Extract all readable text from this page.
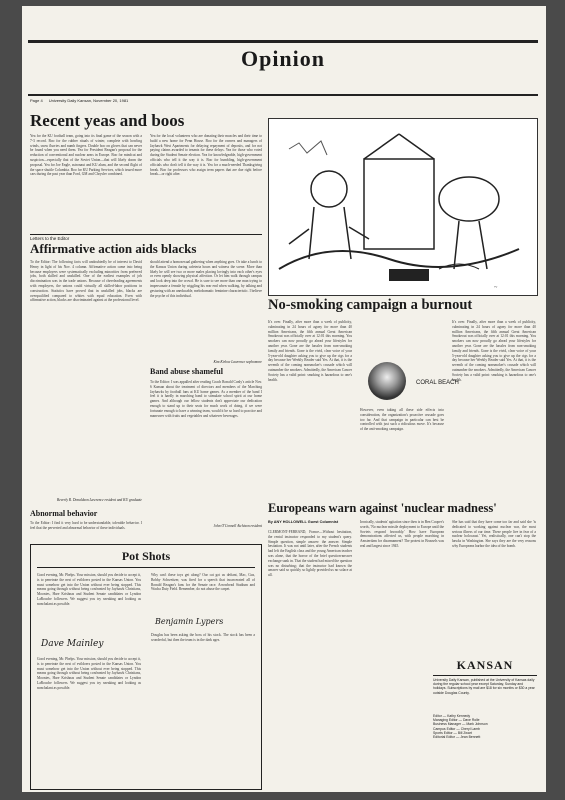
Opinion
Page 4 University Daily Kansan, November 20, 1981
Recent yeas and boos
Yea for the KU football team, going into its final game of the season with a 7-3 record. Boo for the rubber rituals of winter, complete with howling winds, snow flurries and numb fingers. Double boo on gloves that can never be found when you need them. Yea for President Reagan's proposal for the reduction of conventional and nuclear arms in Europe. Boo for mindcut and suspicion—especially that of the Soviet Union—that will likely doom the proposal. Yea for Joe Engle, astronaut and KU alum, and the second flight of the space shuttle Columbia. Boo for KU Parking Services, which issued more cars during the past year than Ford, GM and Chrysler combined.
Yea for the local volunteers who are donating their muscles and their time to build a new home for Penn House. Boo for the owners and managers of Jayhawk West Apartments for delaying repayment of deposits, and for not paying claims awarded to tenants for these delays. Yea for those who voted during the Student Senate election. Yea for knowledgeable, high-government officials who tell it the way it is. Boo for bumbling, high-government officials who don't tell it the way it is. Yea for a much-needed Thanksgiving break. Boo for professors who assign term papers that are due right before break—or right after.
~
Letters to the Editor
Affirmative action aids blacks
To the Editor: The following facts will undoubtedly be of interest to David Henry in light of his Nov. 4 column. Affirmative action came into being because employers were systematically excluding minorities from preferred jobs, both skilled and unskilled. One of the earliest examples of job discrimination was in the trade unions. Because of cheerleading agreements with employers, the unions could virtually all skilled-labor positions in construction. Statistics have proved that in unskilled jobs, blacks are overqualified compared to whites with equal education. Even with affirmative action, blacks are discriminated against at the professional level.
should attend a homosexual gathering when anything goes. Or take a lunch to the Kansas Union during cafeteria hours and witness the scene. More than likely he will see two or more males placing lovingly into each other's eyes or even openly showing physical affection. Or let him walk through campus and look deep into the crowd. He is sure to see more than one man trying to impersonate a female by wiggling his rear end when walking, by talking and gesturing with an uneducable, melodramatic feminine characteristic. I believe the psyche of this individual.
Kim Kirlow Lawrence sophomore
Beverly R. Donaldson Lawrence resident and KU graduate
Band abuse shameful
To the Editor: I was appalled after reading Coach Ronald Conly's article Nov. 6 Kansan about the treatment of directors and members of the Marching Jayhawks by football fans at KU home games. As a member of the band I feel it is hardly in marching band to stimulate school spirit at our home games. And although our fellow students don't appreciate our dedication enough to stand up to their seats for much work of doing, if we were fortunate enough to have a winning team, would it be so hard to practice and maneuver with fruits and vegetables and whatever beverages.
John O'Connell Atchison resident
Abnormal behavior
To the Editor: I find it very hard to be understandable, tolerable behavior. I feel that the perverted and abnormal behavior of these individuals.
No-smoking campaign a burnout
It's over. Finally, after more than a week of publicity, culminating in 24 hours of agony for more than 40 million Americans, the fifth annual Great American Smokeout was officially over at 12:01 this morning. You smokers can now proudly go ahead your lifestyles for another year. Gone are the hassles from non-smoking family and friends. Gone is the vivid, clear voice of your 5-year-old daughter asking you to give up the cigs for a day because her Weekly Reader said Yes. At that, it is the seventh of the coming nonsmoker's crusade which will outnumber the smokers. Admittedly, the American Cancer Society has a valid point: smoking is hazardous to one's health.
CORAL BEACH
However, even taking all these side effects into consideration, the organization's proactive crusade goes too far. And that campaign in particular can best be controlled with just such a ridiculous move. It's because of the anti-smoking campaign.
It's over. Finally, after more than a week of publicity, culminating in 24 hours of agony for more than 40 million Americans, the fifth annual Great American Smokeout was officially over at 12:01 this morning. You smokers can now proudly go ahead your lifestyles for another year. Gone are the hassles from non-smoking family and friends. Gone is the vivid, clear voice of your 5-year-old daughter asking you to give up the cigs for a day because her Weekly Reader said Yes. At that, it is the seventh of the coming nonsmoker's crusade which will outnumber the smokers. Admittedly, the American Cancer Society has a valid point: smoking is hazardous to one's health.
Europeans warn against 'nuclear madness'
By ANY HOLLOWELL Guest Columnist
CLERMONT-FERRAND, France—Without hesitation, the rental instructor responded to my student's query. Simple question, simple answer: the answer. Simple hesitation. It was not until later, after the French students had left the English class and the young American teacher was alone, that the horror of the brief question-answer exchange sank in. That the student had mixed the question was no disturbing; that the instructor had known the answer said so quickly so lightly provided us no solace at all.
Ironically, students' agitation since then is in Ben Cooper's words, 'No nuclear missile deployment to Europe until the Soviets respond favorably.' How have European demonstrations affected us, with people marching in Amsterdam for disarmament? The protest in Brussels was real and largest since 1945.
She has said that they have come too far and said she 'is dedicated to working against nuclear war, the most serious illness of our time. These people live in fear of a nuclear holocaust.' Yet, realistically, one can't stop the hawks in Washington. She says they are the very reasons why Europeans harbor the idea of the bomb.
Pot Shots
Good evening, Mr. Phelps. Your mission, should you decide to accept it, is to penetrate the nest of evildoers posted in the Kansas Union. You must somehow get into the Union without ever being stopped. This means going through without being confronted by Jayhawk Christians, Moonies, Hare Krishnas and Student Senate candidates or Lyndon LaRouche followers. We suggest you try sneaking and looking as nonchalant as possible.
Dave Mainley
Good evening, Mr. Phelps. Your mission, should you decide to accept it, is to penetrate the nest of evildoers posted in the Kansas Union. You must somehow get into the Union without ever being stopped. This means going through without being confronted by Jayhawk Christians, Moonies, Hare Krishnas and Student Senate candidates or Lyndon LaRouche followers. We suggest you try sneaking and looking as nonchalant as possible.
Why can't these toys get along? Our cat got us defiant, Mac, Gus, Bobby Schweitzer, was fired for a speech that incarcerated all of Ronald Reagan's fans for the Senate race. Arrowhead Stadium and Wacha Duty Field. Remember, do not abuse the carpet.
Benjamin Lypers
Douglas has been asking the boss of his stock. The stock has been a wonderful, but then the team is in the dark ages.
KANSAN
University Daily Kansan, published at the University of Kansas daily during the regular school year except Saturday, Sunday and holidays. Subscriptions by mail are $18 for six months or $30 a year outside Douglas County.
Editor — Kathy Kennedy
Managing Editor — Dave Rolle
Business Manager — Mark Johnson
Campus Editor — Cheryl Lamb
Sports Editor — Bill Zwart
Editorial Editor — Jean Bennett
